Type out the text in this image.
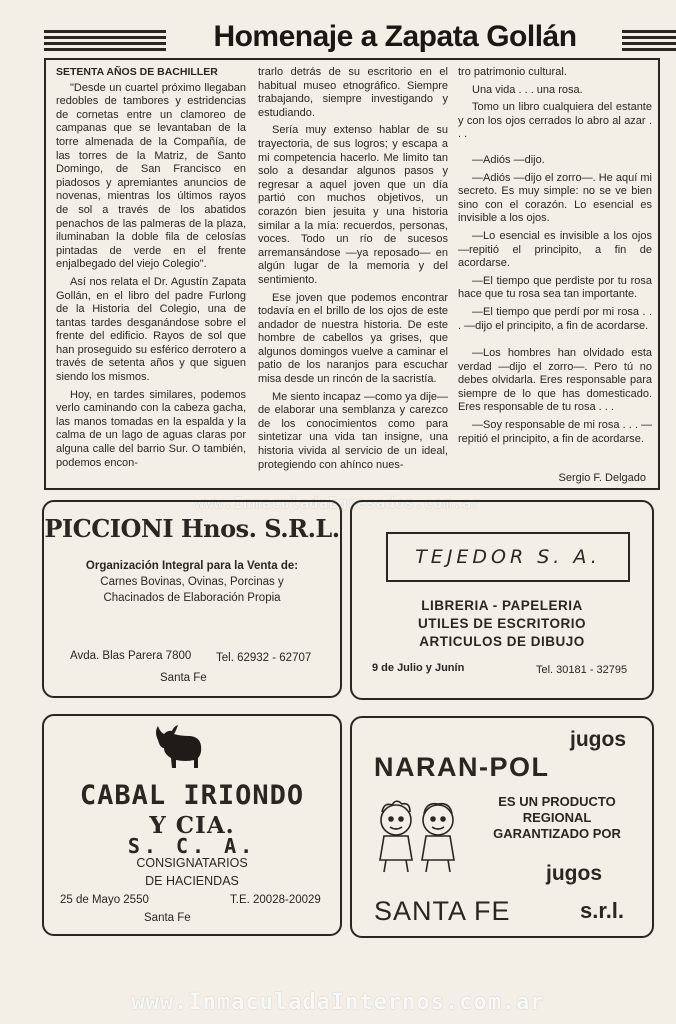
Homenaje a Zapata Gollán

SETENTA AÑOS DE BACHILLER

"Desde un cuartel próximo llegaban redobles de tambores y estridencias de cornetas entre un clamoreo de campanas que se levantaban de la torre almenada de la Compañía, de las torres de la Matriz, de Santo Domingo, de San Francisco en piadosos y apremiantes anuncios de novenas, mientras los últimos rayos de sol a través de los abatidos penachos de las palmeras de la plaza, iluminaban la doble fila de celosías pintadas de verde en el frente enjalbegado del viejo Colegio".

Así nos relata el Dr. Agustín Zapata Gollán, en el libro del padre Furlong de la Historia del Colegio, una de tantas tardes desganándose sobre el frente del edificio. Rayos de sol que han proseguido su esférico derrotero a través de setenta años y que siguen siendo los mismos.

Hoy, en tardes similares, podemos verlo caminando con la cabeza gacha, las manos tomadas en la espalda y la calma de un lago de aguas claras por alguna calle del barrio Sur. O también, podemos encon-

trarlo detrás de su escritorio en el habitual museo etnográfico. Siempre trabajando, siempre investigando y estudiando.

Sería muy extenso hablar de su trayectoria, de sus logros; y escapa a mi competencia hacerlo. Me limito tan solo a desandar algunos pasos y regresar a aquel joven que un día partió con muchos objetivos, un corazón bien jesuita y una historia similar a la mía: recuerdos, personas, voces. Todo un río de sucesos arremansándose —ya reposado— en algún lugar de la memoria y del sentimiento.

Ese joven que podemos encontrar todavía en el brillo de los ojos de este andador de nuestra historia. De este hombre de cabellos ya grises, que algunos domingos vuelve a caminar el patio de los naranjos para escuchar misa desde un rincón de la sacristía.

Me siento incapaz —como ya dije— de elaborar una semblanza y carezco de los conocimientos como para sintetizar una vida tan insigne, una historia vivida al servicio de un ideal, protegiendo con ahínco nues-

tro patrimonio cultural.

Una vida . . . una rosa.

Tomo un libro cualquiera del estante y con los ojos cerrados lo abro al azar . . .

—Adiós —dijo.

—Adiós —dijo el zorro—. He aquí mi secreto. Es muy simple: no se ve bien sino con el corazón. Lo esencial es invisible a los ojos.

—Lo esencial es invisible a los ojos —repitió el principito, a fin de acordarse.

—El tiempo que perdiste por tu rosa hace que tu rosa sea tan importante.

—El tiempo que perdí por mi rosa . . . —dijo el principito, a fin de acordarse.

—Los hombres han olvidado esta verdad —dijo el zorro—. Pero tú no debes olvidarla. Eres responsable para siempre de lo que has domesticado. Eres responsable de tu rosa . . .

—Soy responsable de mi rosa . . . —repitió el principito, a fin de acordarse.

Sergio F. Delgado
www.InmaculadaEgresados.com.ar
PICCIONI Hnos. S.R.L.
Organización Integral para la Venta de:
Carnes Bovinas, Ovinas, Porcinas y
Chacinados de Elaboración Propia
Avda. Blas Parera 7800 Tel. 62932 - 62707
Santa Fe
TEJEDOR S. A.
LIBRERIA - PAPELERIA
UTILES DE ESCRITORIO
ARTICULOS DE DIBUJO
9 de Julio y Junín	Tel. 30181 - 32795
CABAL IRIONDO
Y CIA.
S. C. A.
CONSIGNATARIOS
DE HACIENDAS
25 de Mayo 2550	T.E. 20028-20029
Santa Fe
jugos
NARAN-POL
ES UN PRODUCTO
REGIONAL
GARANTIZADO POR
jugos
SANTA FE	s.r.l.
www.InmaculadaInternos.com.ar
